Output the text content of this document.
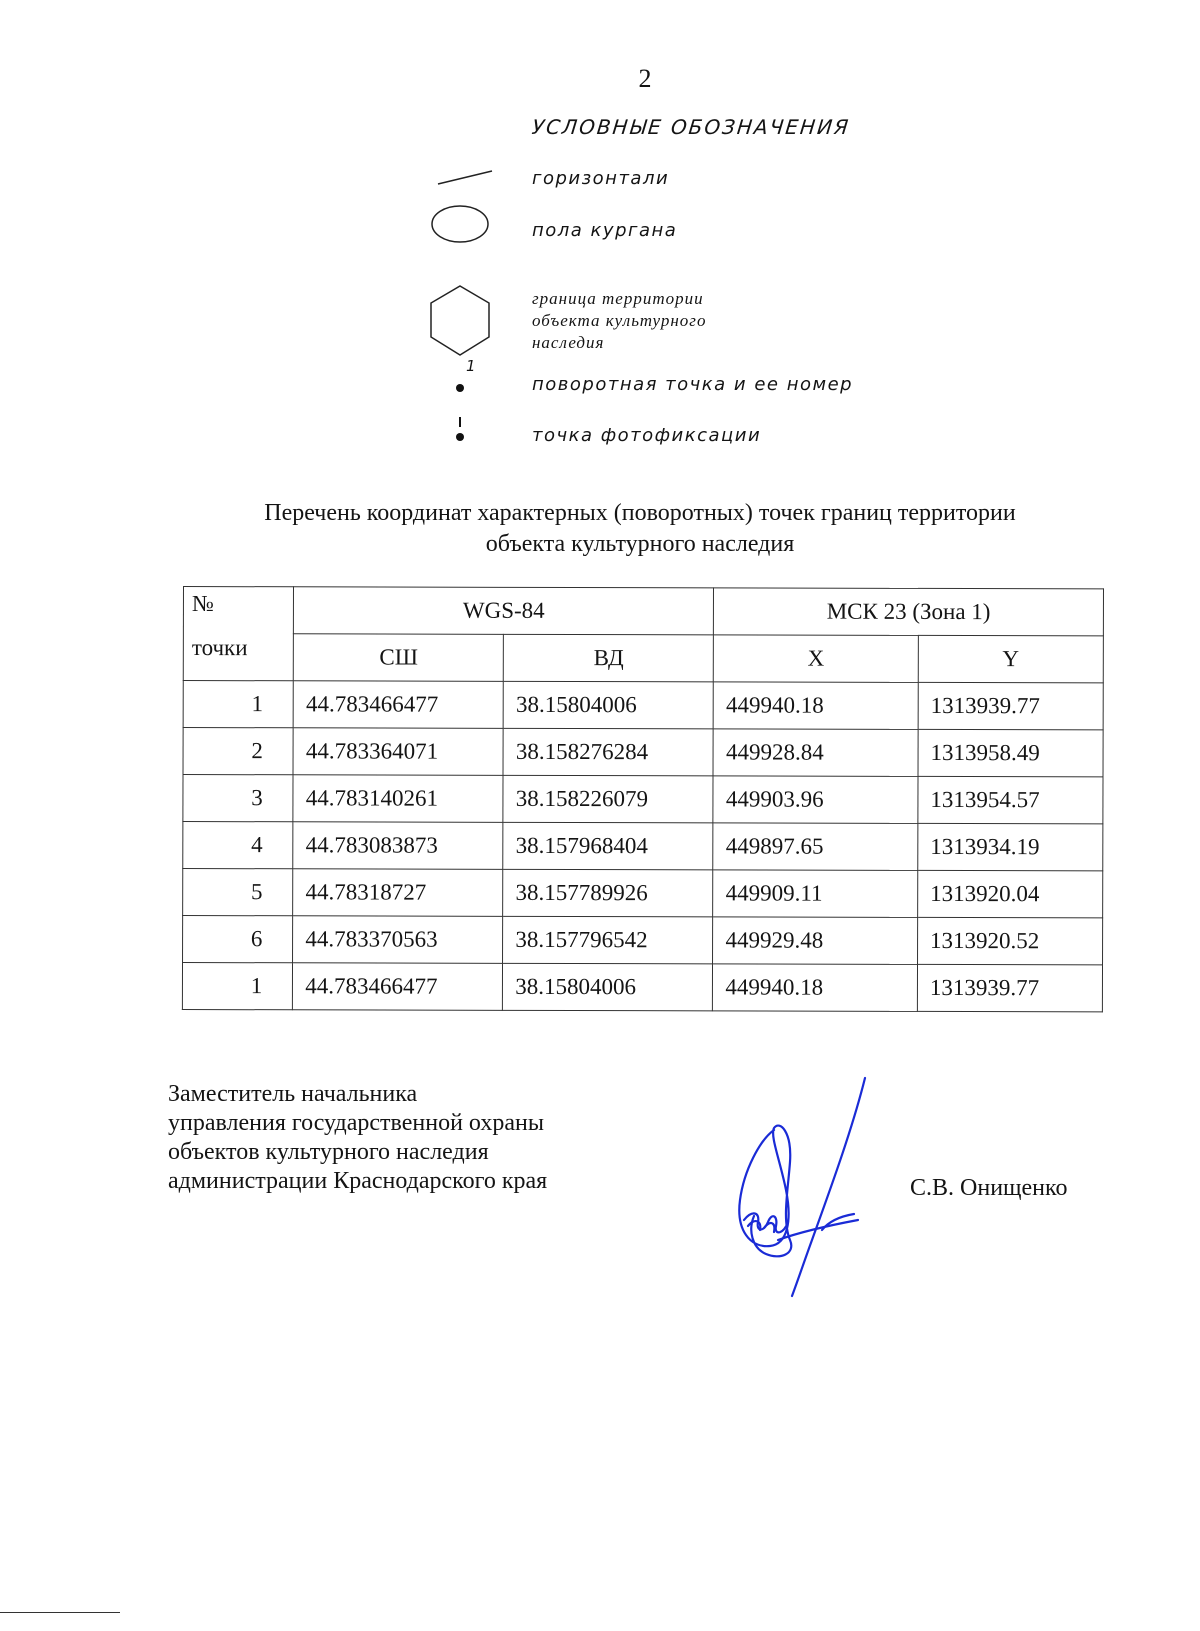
2
УСЛОВНЫЕ ОБОЗНАЧЕНИЯ
горизонтали
пола кургана
граница территории
объекта культурного
наследия
1
поворотная точка и ее номер
точка фотофиксации
Перечень координат характерных (поворотных) точек границ территории
объекта культурного наследия
№
точки	WGS-84		МСК 23 (Зона 1)	
	СШ	ВД	X	Y
1	44.783466477	38.15804006	449940.18	1313939.77
2	44.783364071	38.158276284	449928.84	1313958.49
3	44.783140261	38.158226079	449903.96	1313954.57
4	44.783083873	38.157968404	449897.65	1313934.19
5	44.78318727	38.157789926	449909.11	1313920.04
6	44.783370563	38.157796542	449929.48	1313920.52
1	44.783466477	38.15804006	449940.18	1313939.77
Заместитель начальника
управления государственной охраны
объектов культурного наследия
администрации Краснодарского края	С.В. Онищенко
